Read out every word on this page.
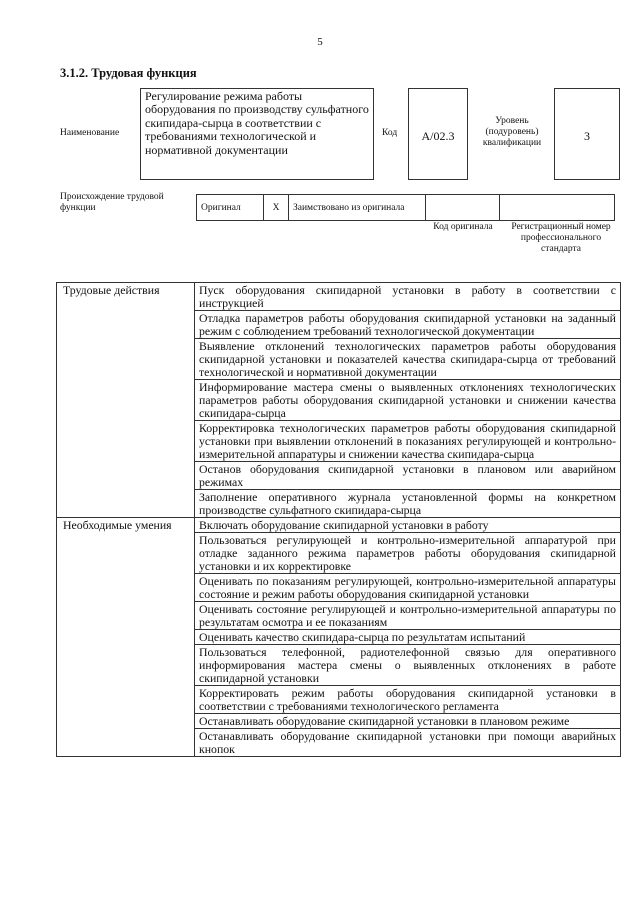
5
3.1.2. Трудовая функция
Наименование
Регулирование режима работы оборудования по производству сульфатного скипидара-сырца в соответствии с требованиями технологической и нормативной документации
Код	A/02.3
Уровень (подуровень) квалификации	3
Происхождение трудовой функции	Оригинал	X	Заимствовано из оригинала		
Код оригинала	Регистрационный номер профессионального стандарта
Трудовые действия	Пуск оборудования скипидарной установки в работу в соответствии с инструкцией
	Отладка параметров работы оборудования скипидарной установки на заданный режим с соблюдением требований технологической документации
	Выявление отклонений технологических параметров работы оборудования скипидарной установки и показателей качества скипидара-сырца от требований технологической и нормативной документации
	Информирование мастера смены о выявленных отклонениях технологических параметров работы оборудования скипидарной установки и снижении качества скипидара-сырца
	Корректировка технологических параметров работы оборудования скипидарной установки при выявлении отклонений в показаниях регулирующей и контрольно-измерительной аппаратуры и снижении качества скипидара-сырца
	Останов оборудования скипидарной установки в плановом или аварийном режимах
	Заполнение оперативного журнала установленной формы на конкретном производстве сульфатного скипидара-сырца
Необходимые умения	Включать оборудование скипидарной установки в работу
	Пользоваться регулирующей и контрольно-измерительной аппаратурой при отладке заданного режима параметров работы оборудования скипидарной установки и их корректировке
	Оценивать по показаниям регулирующей, контрольно-измерительной аппаратуры состояние и режим работы оборудования скипидарной установки
	Оценивать состояние регулирующей и контрольно-измерительной аппаратуры по результатам осмотра и ее показаниям
	Оценивать качество скипидара-сырца по результатам испытаний
	Пользоваться телефонной, радиотелефонной связью для оперативного информирования мастера смены о выявленных отклонениях в работе скипидарной установки
	Корректировать режим работы оборудования скипидарной установки в соответствии с требованиями технологического регламента
	Останавливать оборудование скипидарной установки в плановом режиме
	Останавливать оборудование скипидарной установки при помощи аварийных кнопок
